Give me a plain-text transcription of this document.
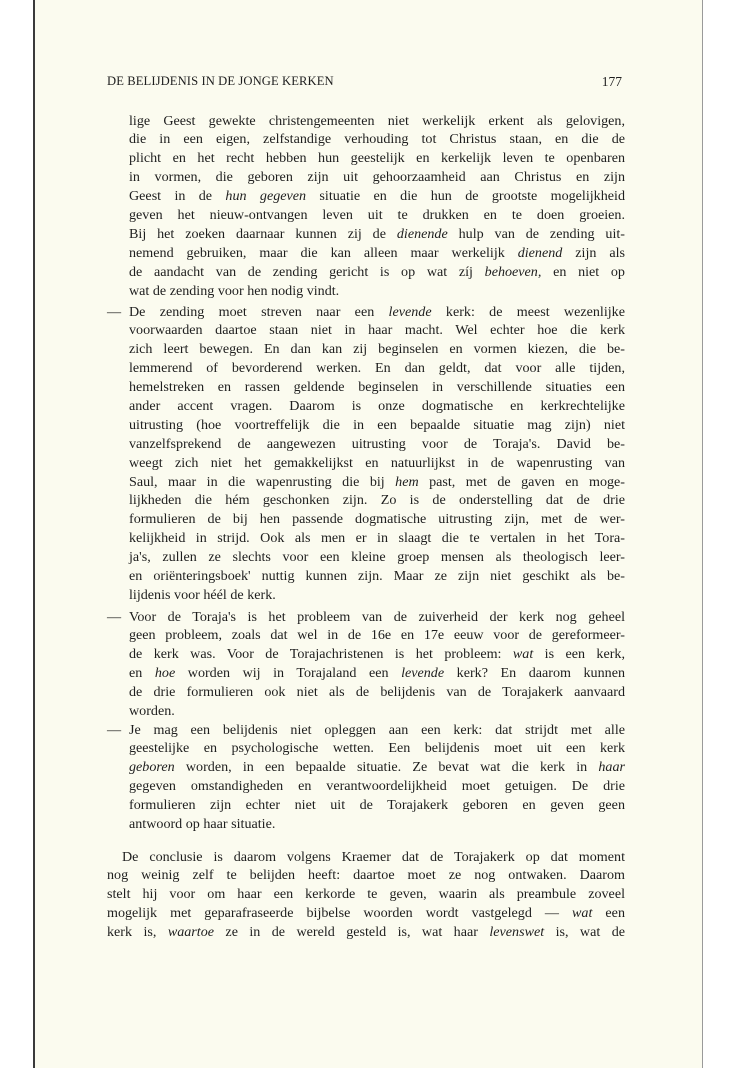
DE BELIJDENIS IN DE JONGE KERKEN	177
lige Geest gewekte christengemeenten niet werkelijk erkent als gelovigen,
die in een eigen, zelfstandige verhouding tot Christus staan, en die de
plicht en het recht hebben hun geestelijk en kerkelijk leven te openbaren
in vormen, die geboren zijn uit gehoorzaamheid aan Christus en zijn
Geest in de hun gegeven situatie en die hun de grootste mogelijkheid
geven het nieuw-ontvangen leven uit te drukken en te doen groeien.
Bij het zoeken daarnaar kunnen zij de dienende hulp van de zending uit-
nemend gebruiken, maar die kan alleen maar werkelijk dienend zijn als
de aandacht van de zending gericht is op wat zíj behoeven, en niet op
wat de zending voor hen nodig vindt.
— De zending moet streven naar een levende kerk: de meest wezenlijke
voorwaarden daartoe staan niet in haar macht. Wel echter hoe die kerk
zich leert bewegen. En dan kan zij beginselen en vormen kiezen, die be-
lemmerend of bevorderend werken. En dan geldt, dat voor alle tijden,
hemelstreken en rassen geldende beginselen in verschillende situaties een
ander accent vragen. Daarom is onze dogmatische en kerkrechtelijke
uitrusting (hoe voortreffelijk die in een bepaalde situatie mag zijn) niet
vanzelfsprekend de aangewezen uitrusting voor de Toraja's. David be-
weegt zich niet het gemakkelijkst en natuurlijkst in de wapenrusting van
Saul, maar in die wapenrusting die bij hem past, met de gaven en moge-
lijkheden die hém geschonken zijn. Zo is de onderstelling dat de drie
formulieren de bij hen passende dogmatische uitrusting zijn, met de wer-
kelijkheid in strijd. Ook als men er in slaagt die te vertalen in het Tora-
ja's, zullen ze slechts voor een kleine groep mensen als theologisch leer-
en oriënteringsboek' nuttig kunnen zijn. Maar ze zijn niet geschikt als be-
lijdenis voor héél de kerk.
— Voor de Toraja's is het probleem van de zuiverheid der kerk nog geheel
geen probleem, zoals dat wel in de 16e en 17e eeuw voor de gereformeer-
de kerk was. Voor de Torajachristenen is het probleem: wat is een kerk,
en hoe worden wij in Torajaland een levende kerk? En daarom kunnen
de drie formulieren ook niet als de belijdenis van de Torajakerk aanvaard
worden.
— Je mag een belijdenis niet opleggen aan een kerk: dat strijdt met alle
geestelijke en psychologische wetten. Een belijdenis moet uit een kerk
geboren worden, in een bepaalde situatie. Ze bevat wat die kerk in haar
gegeven omstandigheden en verantwoordelijkheid moet getuigen. De drie
formulieren zijn echter niet uit de Torajakerk geboren en geven geen
antwoord op haar situatie.
De conclusie is daarom volgens Kraemer dat de Torajakerk op dat moment
nog weinig zelf te belijden heeft: daartoe moet ze nog ontwaken. Daarom
stelt hij voor om haar een kerkorde te geven, waarin als preambule zoveel
mogelijk met geparafraseerde bijbelse woorden wordt vastgelegd — wat een
kerk is, waartoe ze in de wereld gesteld is, wat haar levenswet is, wat de
